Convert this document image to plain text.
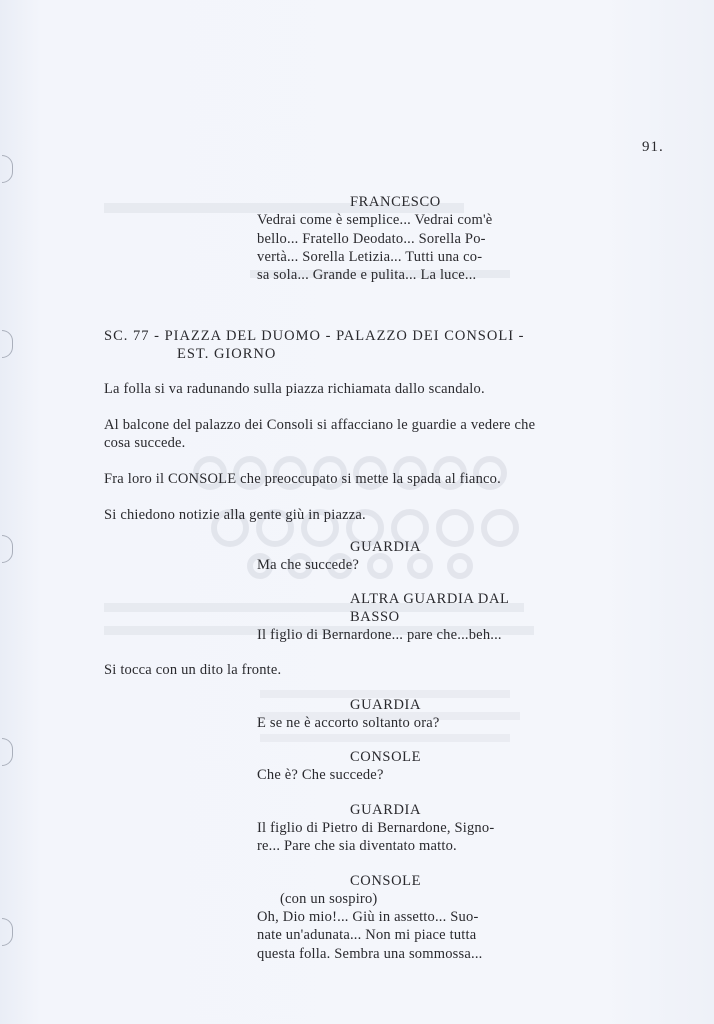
91.
FRANCESCO
Vedrai come è semplice... Vedrai com'è
bello... Fratello Deodato... Sorella Po-
vertà... Sorella Letizia... Tutti una co-
sa sola... Grande e pulita... La luce...
SC. 77 - PIAZZA DEL DUOMO - PALAZZO DEI CONSOLI -
EST. GIORNO
La folla si va radunando sulla piazza richiamata dallo scandalo.
Al balcone del palazzo dei Consoli si affacciano le guardie a vedere che
cosa succede.
Fra loro il CONSOLE che preoccupato si mette la spada al fianco.
Si chiedono notizie alla gente giù in piazza.
GUARDIA
Ma che succede?
ALTRA GUARDIA DAL
BASSO
Il figlio di Bernardone... pare che...beh...
Si tocca con un dito la fronte.
GUARDIA
E se ne è accorto soltanto ora?
CONSOLE
Che è? Che succede?
GUARDIA
Il figlio di Pietro di Bernardone, Signo-
re... Pare che sia diventato matto.
CONSOLE
(con un sospiro)
Oh, Dio mio!... Giù in assetto... Suo-
nate un'adunata... Non mi piace tutta
questa folla. Sembra una sommossa...
